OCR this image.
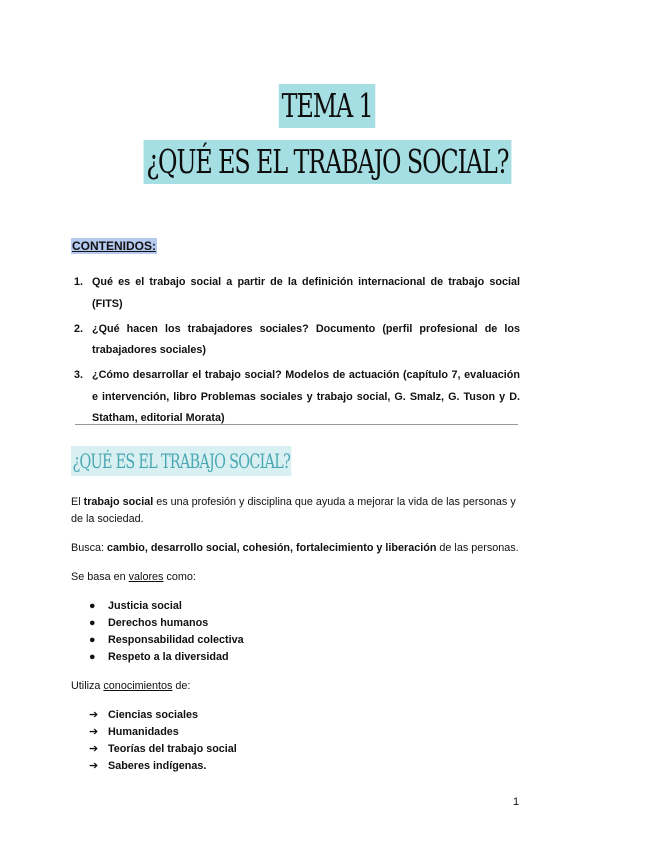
TEMA 1
¿QUÉ ES EL TRABAJO SOCIAL?
CONTENIDOS:
1. Qué es el trabajo social a partir de la definición internacional de trabajo social (FITS)
2. ¿Qué hacen los trabajadores sociales? Documento (perfil profesional de los trabajadores sociales)
3. ¿Cómo desarrollar el trabajo social? Modelos de actuación (capítulo 7, evaluación e intervención, libro Problemas sociales y trabajo social, G. Smalz, G. Tuson y D. Statham, editorial Morata)
¿QUÉ ES EL TRABAJO SOCIAL?
El trabajo social es una profesión y disciplina que ayuda a mejorar la vida de las personas y de la sociedad.
Busca: cambio, desarrollo social, cohesión, fortalecimiento y liberación de las personas.
Se basa en valores como:
● Justicia social
● Derechos humanos
● Responsabilidad colectiva
● Respeto a la diversidad
Utiliza conocimientos de:
➔ Ciencias sociales
➔ Humanidades
➔ Teorías del trabajo social
➔ Saberes indígenas.
1
